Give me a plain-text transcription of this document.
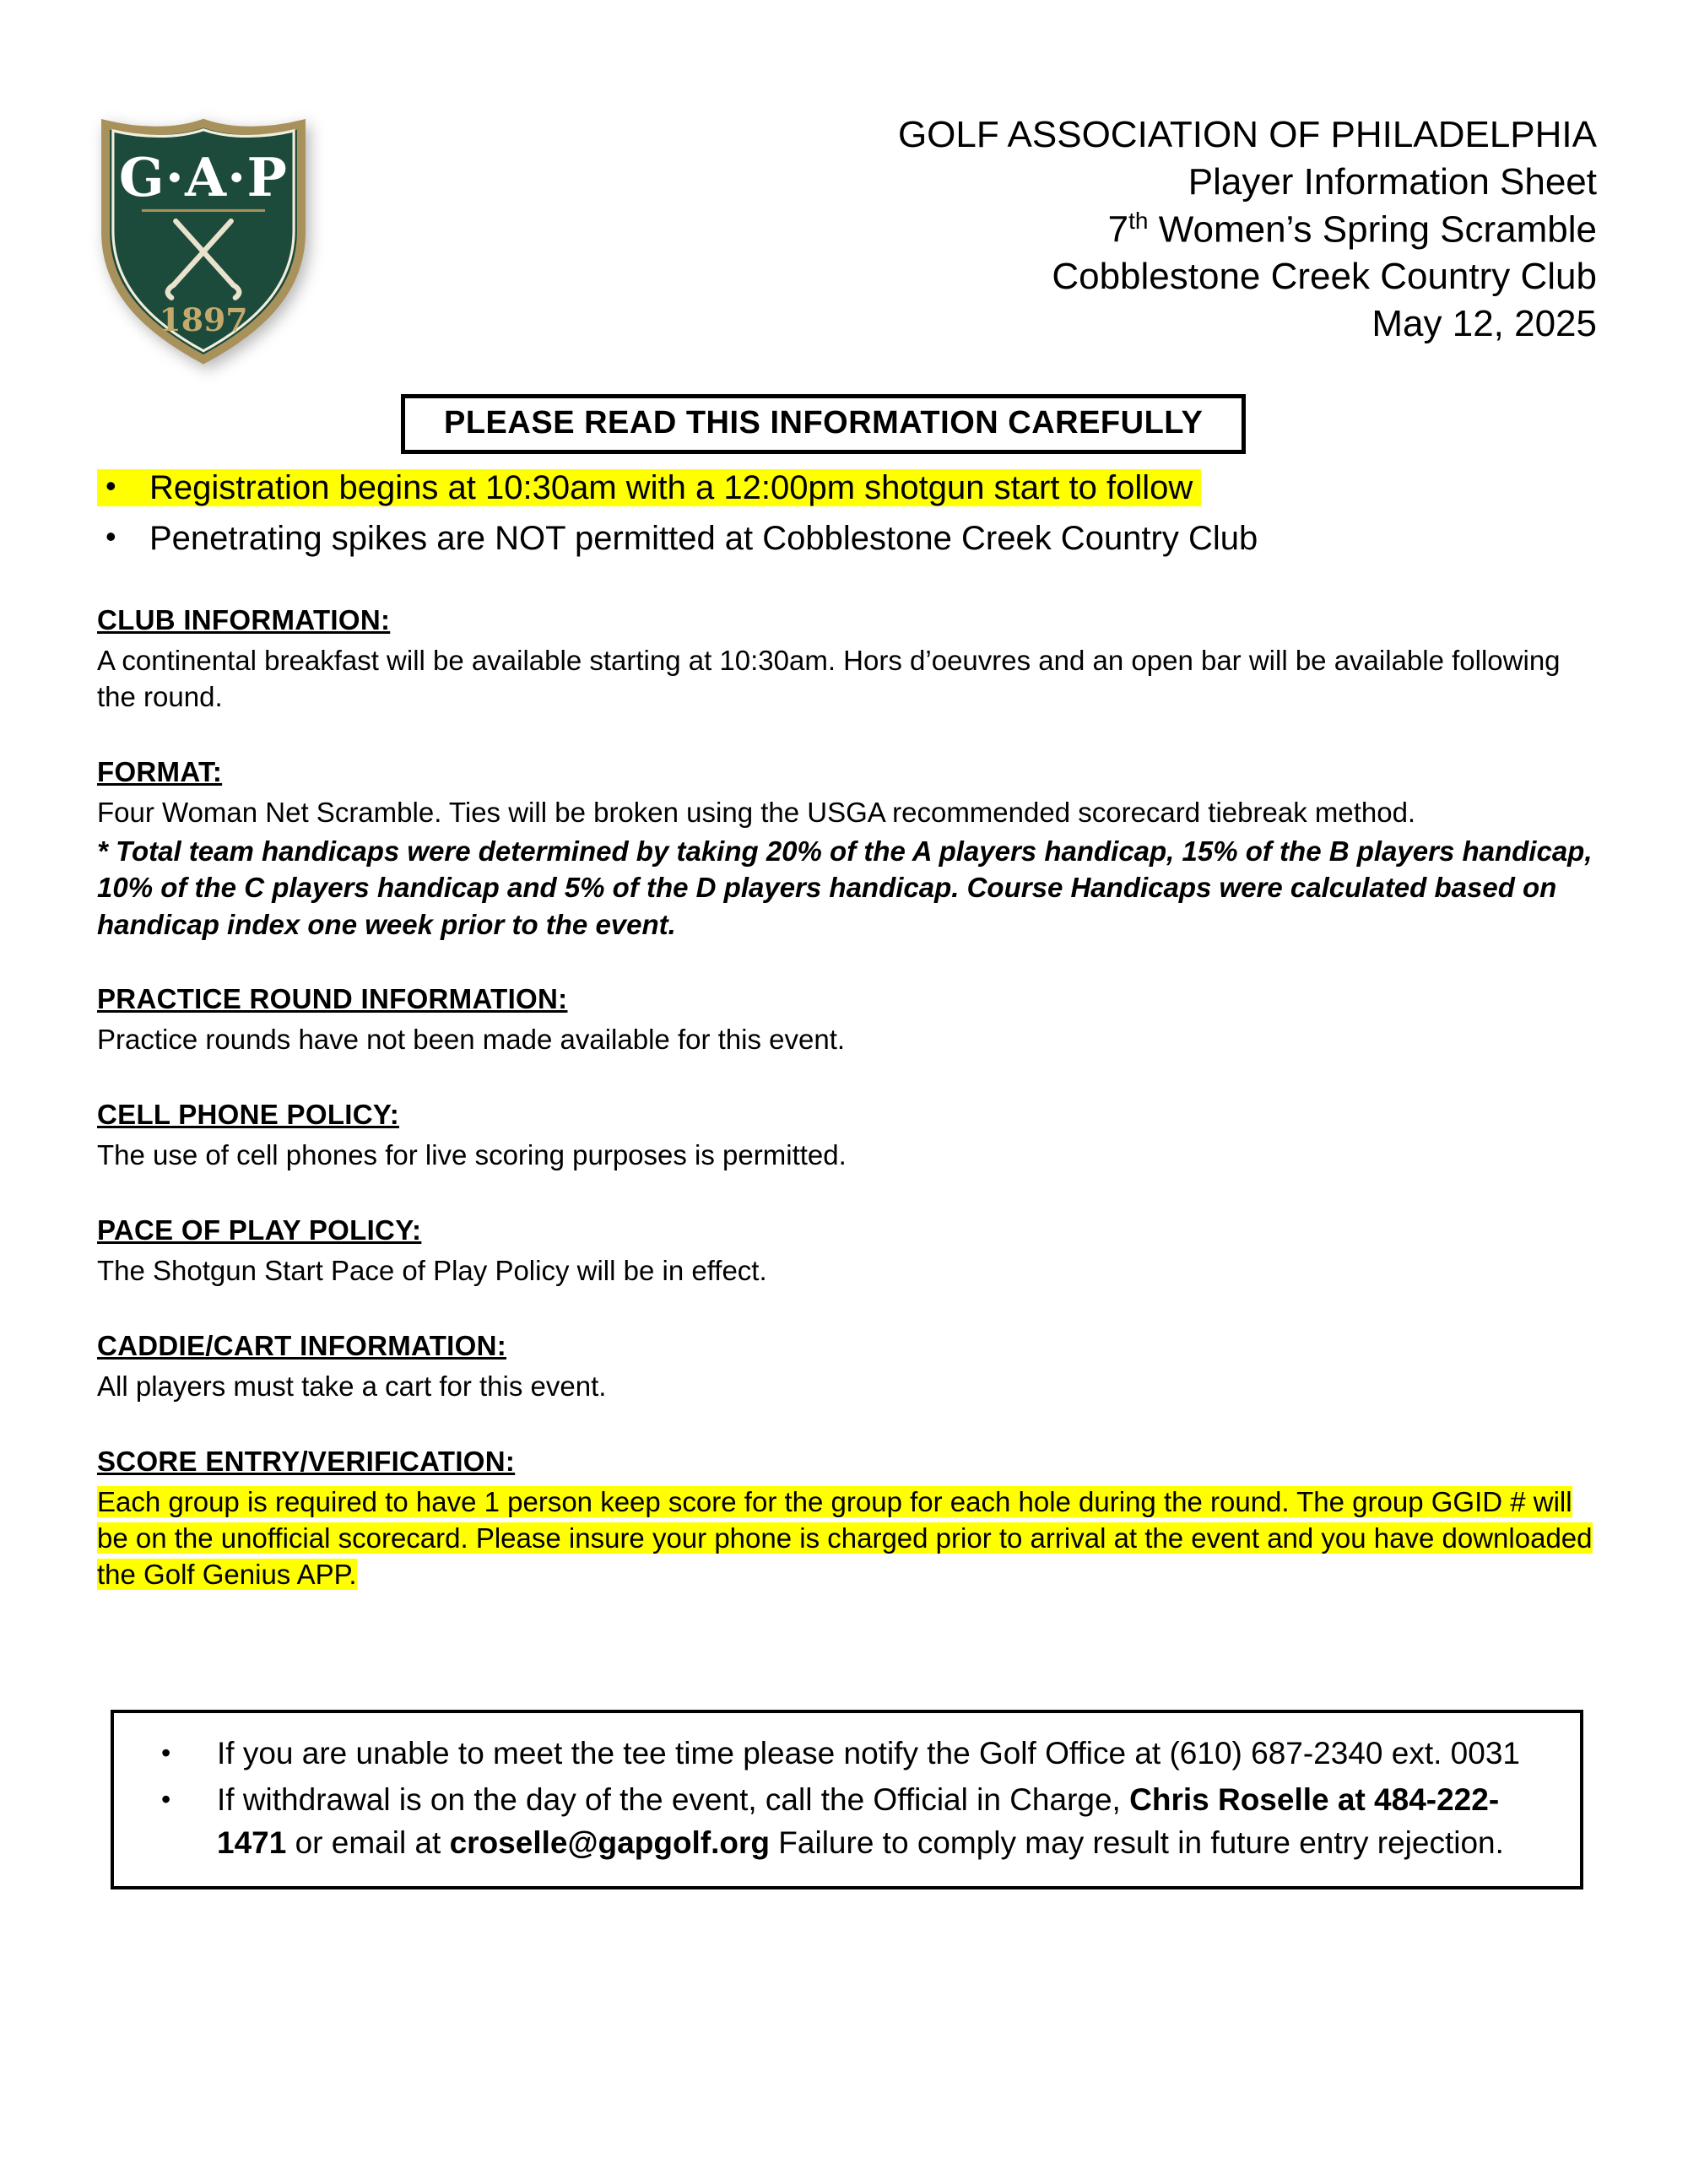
G·A·P
1897
GOLF ASSOCIATION OF PHILADELPHIA
Player Information Sheet
7th Women’s Spring Scramble
Cobblestone Creek Country Club
May 12, 2025
PLEASE READ THIS INFORMATION CAREFULLY
• Registration begins at 10:30am with a 12:00pm shotgun start to follow
• Penetrating spikes are NOT permitted at Cobblestone Creek Country Club
CLUB INFORMATION:

A continental breakfast will be available starting at 10:30am. Hors d’oeuvres and an open bar will be available following the round.

FORMAT:

Four Woman Net Scramble. Ties will be broken using the USGA recommended scorecard tiebreak method.

* Total team handicaps were determined by taking 20% of the A players handicap, 15% of the B players handicap, 10% of the C players handicap and 5% of the D players handicap. Course Handicaps were calculated based on handicap index one week prior to the event.

PRACTICE ROUND INFORMATION:

Practice rounds have not been made available for this event.

CELL PHONE POLICY:

The use of cell phones for live scoring purposes is permitted.

PACE OF PLAY POLICY:

The Shotgun Start Pace of Play Policy will be in effect.

CADDIE/CART INFORMATION:

All players must take a cart for this event.

SCORE ENTRY/VERIFICATION:

Each group is required to have 1 person keep score for the group for each hole during the round. The group GGID # will be on the unofficial scorecard. Please insure your phone is charged prior to arrival at the event and you have downloaded the Golf Genius APP.

•	If you are unable to meet the tee time please notify the Golf Office at (610) 687-2340 ext. 0031
•	If withdrawal is on the day of the event, call the Official in Charge, Chris Roselle at 484-222-1471 or email at croselle@gapgolf.org Failure to comply may result in future entry rejection.
